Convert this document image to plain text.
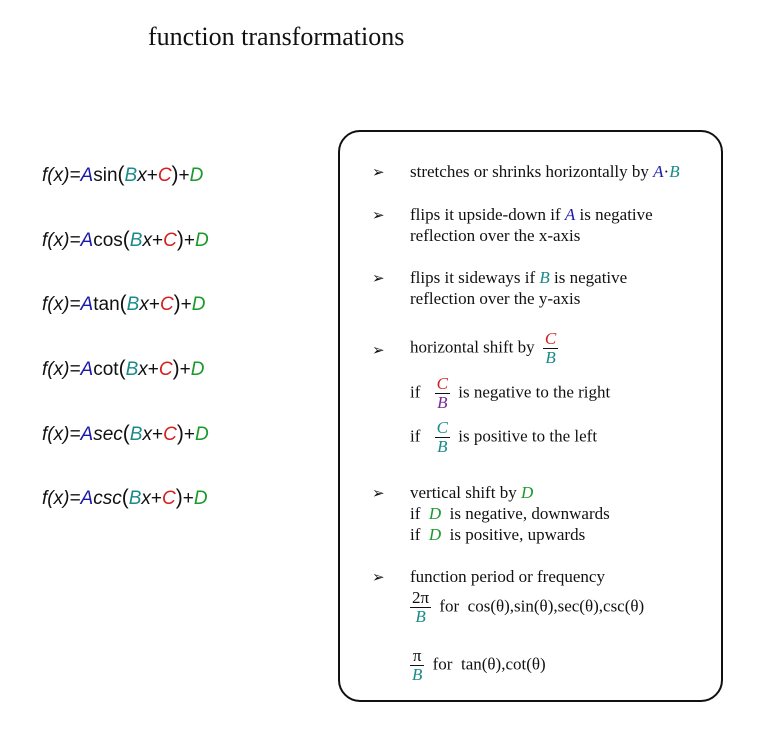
function transformations
f(x)=Asin(Bx+C)+D
f(x)=Acos(Bx+C)+D
f(x)=Atan(Bx+C)+D
f(x)=Acot(Bx+C)+D
f(x)=Asec(Bx+C)+D
f(x)=Acsc(Bx+C)+D
➢ stretches or shrinks horizontally by A·B
➢ flips it upside-down if A is negative
reflection over the x-axis
➢ flips it sideways if B is negative
reflection over the y-axis
➢ horizontal shift by $\frac{C}{B}$
if $\frac{C}{B}$ is negative to the right
if $\frac{C}{B}$ is positive to the left
➢ vertical shift by D
if D is negative, downwards
if D is positive, upwards
➢ function period or frequency
$\frac{2\pi}{B}$ for cos(θ),sin(θ),sec(θ),csc(θ)
$\frac{\pi}{B}$ for tan(θ),cot(θ)
